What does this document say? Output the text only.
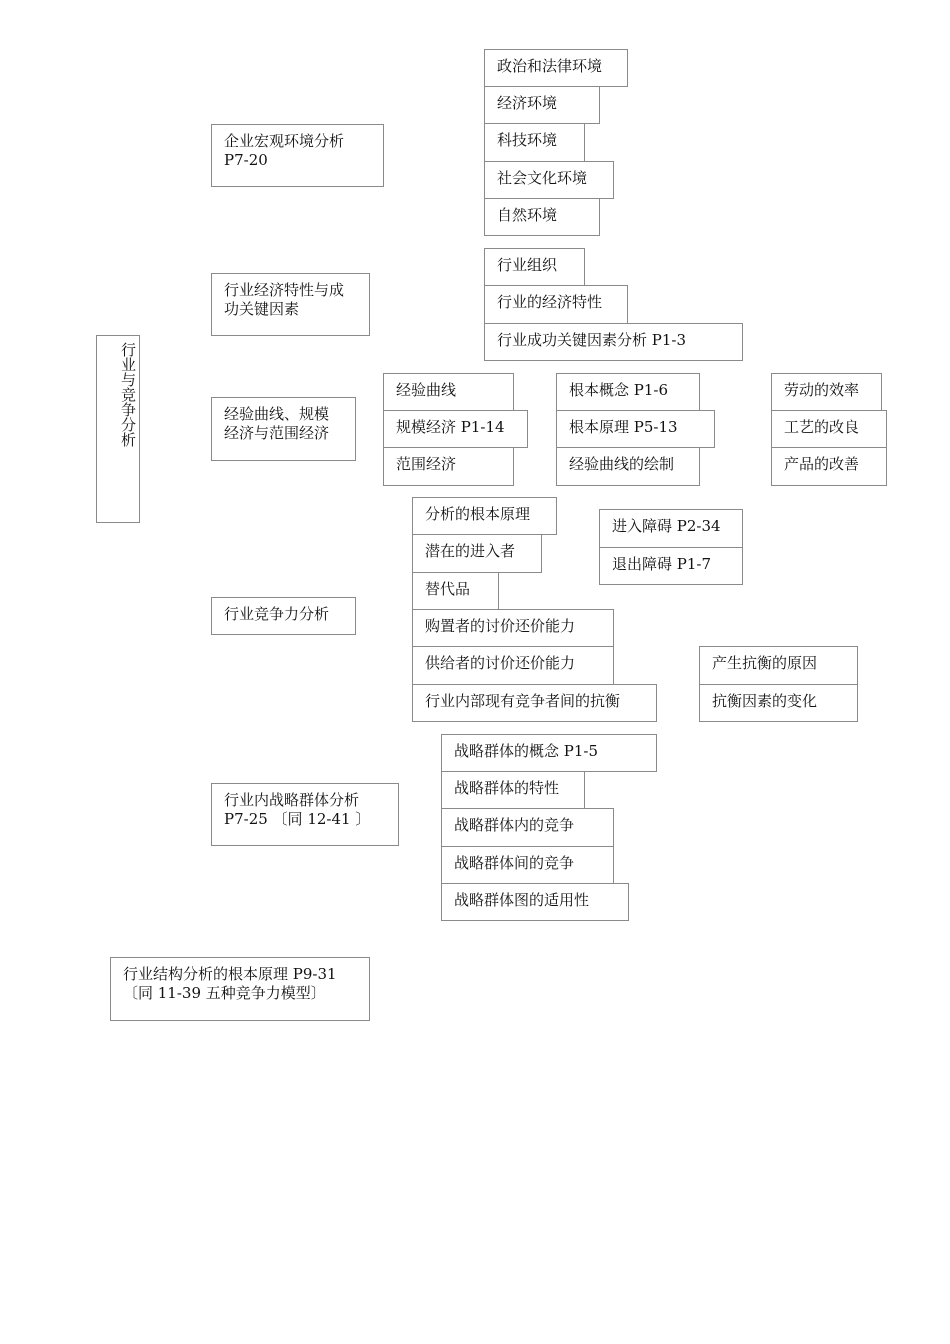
行业与竞争分析
企业宏观环境分析 P7-20
行业经济特性与成功关键因素
经验曲线、规模经济与范围经济
行业竞争力分析
行业内战略群体分析 P7-25 〔同 12-41 〕
行业结构分析的根本原理 P9-31 〔同 11-39 五种竞争力模型〕
政治和法律环境
经济环境
科技环境
社会文化环境
自然环境
行业组织
行业的经济特性
行业成功关键因素分析 P1-3
经验曲线
规模经济 P1-14
范围经济
根本概念 P1-6
根本原理 P5-13
经验曲线的绘制
劳动的效率
工艺的改良
产品的改善
分析的根本原理
潜在的进入者
替代品
购置者的讨价还价能力
供给者的讨价还价能力
行业内部现有竞争者间的抗衡
进入障碍 P2-34
退出障碍 P1-7
产生抗衡的原因
抗衡因素的变化
战略群体的概念 P1-5
战略群体的特性
战略群体内的竞争
战略群体间的竞争
战略群体图的适用性
